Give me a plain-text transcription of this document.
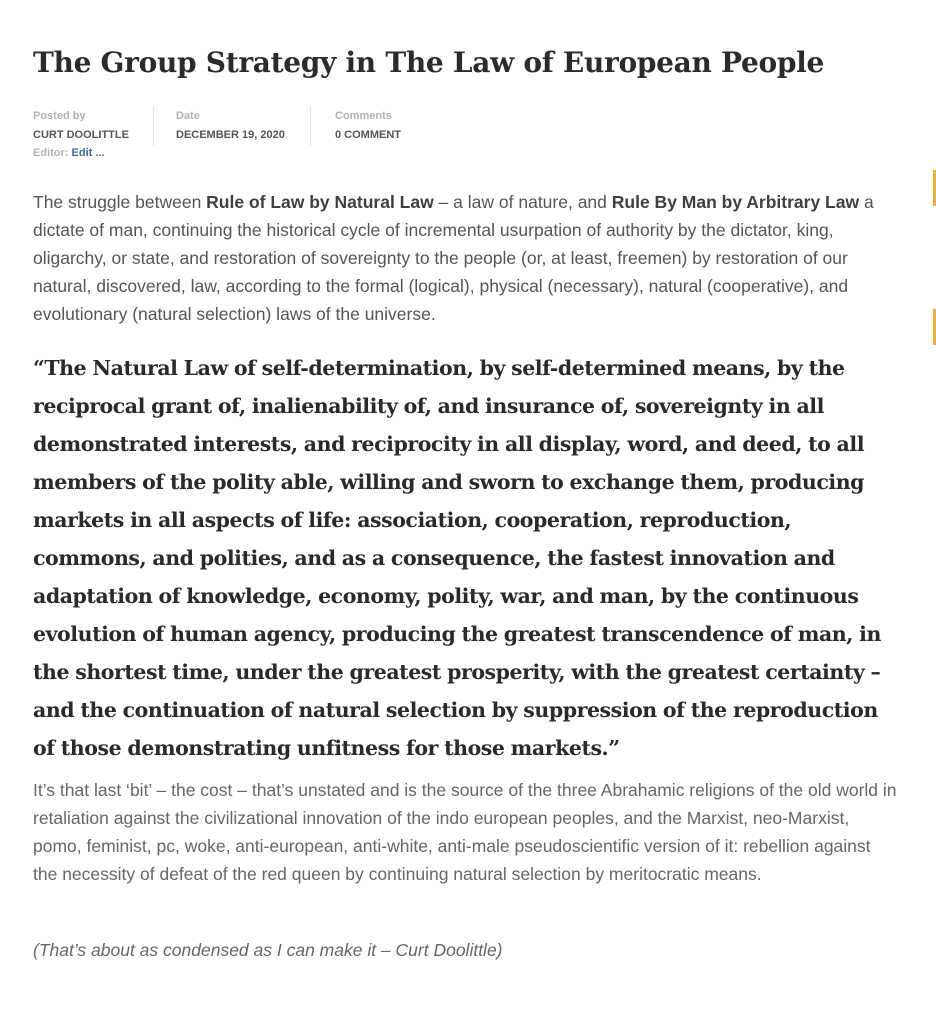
The Group Strategy in The Law of European People
Posted by
CURT DOOLITTLE
Date
DECEMBER 19, 2020
Comments
0 COMMENT
Editor: Edit ...

The struggle between Rule of Law by Natural Law – a law of nature, and Rule By Man by Arbitrary Law a dictate of man, continuing the historical cycle of incremental usurpation of authority by the dictator, king, oligarchy, or state, and restoration of sovereignty to the people (or, at least, freemen) by restoration of our natural, discovered, law, according to the formal (logical), physical (necessary), natural (cooperative), and evolutionary (natural selection) laws of the universe.

“The Natural Law of self-determination, by self-determined means, by the reciprocal grant of, inalienability of, and insurance of, sovereignty in all demonstrated interests, and reciprocity in all display, word, and deed, to all members of the polity able, willing and sworn to exchange them, producing markets in all aspects of life: association, cooperation, reproduction, commons, and polities, and as a consequence, the fastest innovation and adaptation of knowledge, economy, polity, war, and man, by the continuous evolution of human agency, producing the greatest transcendence of man, in the shortest time, under the greatest prosperity, with the greatest certainty – and the continuation of natural selection by suppression of the reproduction of those demonstrating unfitness for those markets.”

It’s that last ‘bit’ – the cost – that’s unstated and is the source of the three Abrahamic religions of the old world in retaliation against the civilizational innovation of the indo european peoples, and the Marxist, neo-Marxist, pomo, feminist, pc, woke, anti-european, anti-white, anti-male pseudoscientific version of it: rebellion against the necessity of defeat of the red queen by continuing natural selection by meritocratic means.

(That’s about as condensed as I can make it – Curt Doolittle)
